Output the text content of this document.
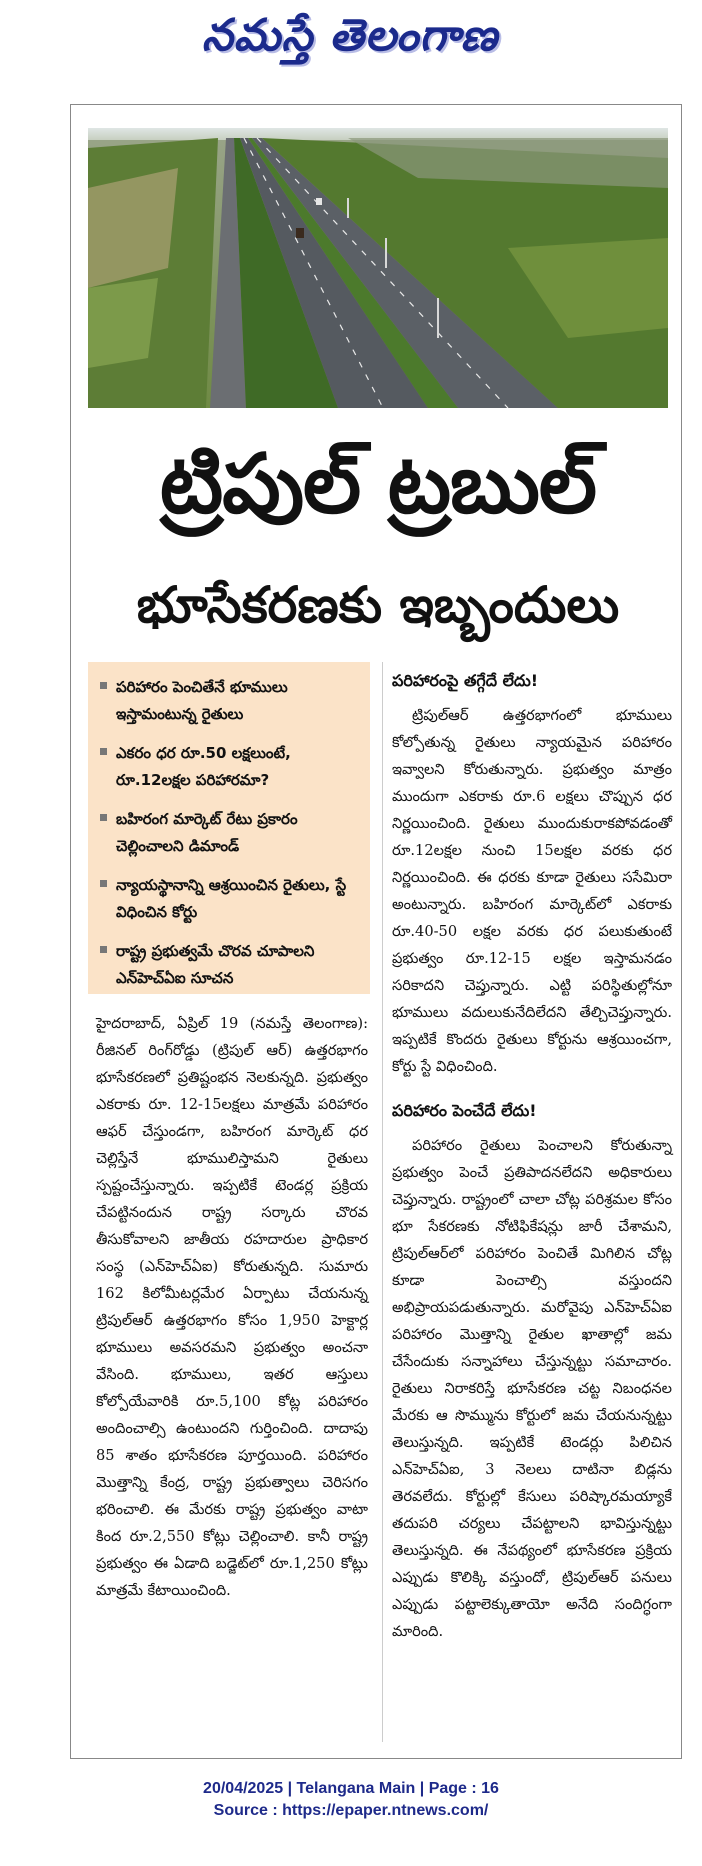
నమస్తే తెలంగాణ
ట్రిపుల్ ట్రబుల్
భూసేకరణకు ఇబ్బందులు
పరిహారం పెంచితేనే భూములు ఇస్తామంటున్న రైతులు
ఎకరం ధర రూ.50 లక్షలుంటే, రూ.12లక్షల పరిహారమా?
బహిరంగ మార్కెట్ రేటు ప్రకారం చెల్లించాలని డిమాండ్
న్యాయస్థానాన్ని ఆశ్రయించిన రైతులు, స్టే విధించిన కోర్టు
రాష్ట్ర ప్రభుత్వమే చొరవ చూపాలని ఎన్‌హెచ్‌ఏఐ సూచన
హైదరాబాద్, ఏప్రిల్ 19 (నమస్తే తెలంగాణ): రీజినల్ రింగ్‌రోడ్డు (ట్రిపుల్ ఆర్) ఉత్తరభాగం భూసేకరణలో ప్రతిష్టంభన నెలకున్నది. ప్రభుత్వం ఎకరాకు రూ. 12-15లక్షలు మాత్రమే పరిహారం ఆఫర్ చేస్తుండగా, బహిరంగ మార్కెట్ ధర చెల్లిస్తేనే భూములిస్తామని రైతులు స్పష్టంచేస్తున్నారు. ఇప్పటికే టెండర్ల ప్రక్రియ చేపట్టినందున రాష్ట్ర సర్కారు చొరవ తీసుకోవాలని జాతీయ రహదారుల ప్రాధికార సంస్థ (ఎన్‌హెచ్‌ఏఐ) కోరుతున్నది. సుమారు 162 కిలోమీటర్లమేర ఏర్పాటు చేయనున్న ట్రిపుల్‌ఆర్ ఉత్తరభాగం కోసం 1,950 హెక్టార్ల భూములు అవసరమని ప్రభుత్వం అంచనా వేసింది. భూములు, ఇతర ఆస్తులు కోల్పోయేవారికి రూ.5,100 కోట్ల పరిహారం అందించాల్సి ఉంటుందని గుర్తించింది. దాదాపు 85 శాతం భూసేకరణ పూర్తయింది. పరిహారం మొత్తాన్ని కేంద్ర, రాష్ట్ర ప్రభుత్వాలు చెరిసగం భరించాలి. ఈ మేరకు రాష్ట్ర ప్రభుత్వం వాటా కింద రూ.2,550 కోట్లు చెల్లించాలి. కానీ రాష్ట్ర ప్రభుత్వం ఈ ఏడాది బడ్జెట్‌లో రూ.1,250 కోట్లు మాత్రమే కేటాయించింది.
పరిహారంపై తగ్గేదే లేదు!
ట్రిపుల్‌ఆర్ ఉత్తరభాగంలో భూములు కోల్పోతున్న రైతులు న్యాయమైన పరిహారం ఇవ్వాలని కోరుతున్నారు. ప్రభుత్వం మాత్రం ముందుగా ఎకరాకు రూ.6 లక్షలు చొప్పున ధర నిర్ణయించింది. రైతులు ముందుకురాకపోవడంతో రూ.12లక్షల నుంచి 15లక్షల వరకు ధర నిర్ణయించింది. ఈ ధరకు కూడా రైతులు ససేమిరా అంటున్నారు. బహిరంగ మార్కెట్‌లో ఎకరాకు రూ.40-50 లక్షల వరకు ధర పలుకుతుంటే ప్రభుత్వం రూ.12-15 లక్షల ఇస్తామనడం సరికాదని చెప్తున్నారు. ఎట్టి పరిస్థితుల్లోనూ భూములు వదులుకునేదిలేదని తేల్చిచెప్తున్నారు. ఇప్పటికే కొందరు రైతులు కోర్టును ఆశ్రయించగా, కోర్టు స్టే విధించింది.
పరిహారం పెంచేదే లేదు!
పరిహారం రైతులు పెంచాలని కోరుతున్నా ప్రభుత్వం పెంచే ప్రతిపాదనలేదని అధికారులు చెప్తున్నారు. రాష్ట్రంలో చాలా చోట్ల పరిశ్రమల కోసం భూ సేకరణకు నోటిఫికేషన్లు జారీ చేశామని, ట్రిపుల్‌ఆర్‌లో పరిహారం పెంచితే మిగిలిన చోట్ల కూడా పెంచాల్సి వస్తుందని అభిప్రాయపడుతున్నారు. మరోవైపు ఎన్‌హెచ్‌ఏఐ పరిహారం మొత్తాన్ని రైతుల ఖాతాల్లో జమ చేసేందుకు సన్నాహాలు చేస్తున్నట్టు సమాచారం. రైతులు నిరాకరిస్తే భూసేకరణ చట్ట నిబంధనల మేరకు ఆ సొమ్మును కోర్టులో జమ చేయనున్నట్టు తెలుస్తున్నది. ఇప్పటికే టెండర్లు పిలిచిన ఎన్‌హెచ్‌ఏఐ, 3 నెలలు దాటినా బిడ్లను తెరవలేదు. కోర్టుల్లో కేసులు పరిష్కారమయ్యాకే తదుపరి చర్యలు చేపట్టాలని భావిస్తున్నట్టు తెలుస్తున్నది. ఈ నేపథ్యంలో భూసేకరణ ప్రక్రియ ఎప్పుడు కొలిక్కి వస్తుందో, ట్రిపుల్‌ఆర్ పనులు ఎప్పుడు పట్టాలెక్కుతాయో అనేది సందిగ్ధంగా మారింది.
20/04/2025 | Telangana Main | Page : 16
Source : https://epaper.ntnews.com/
